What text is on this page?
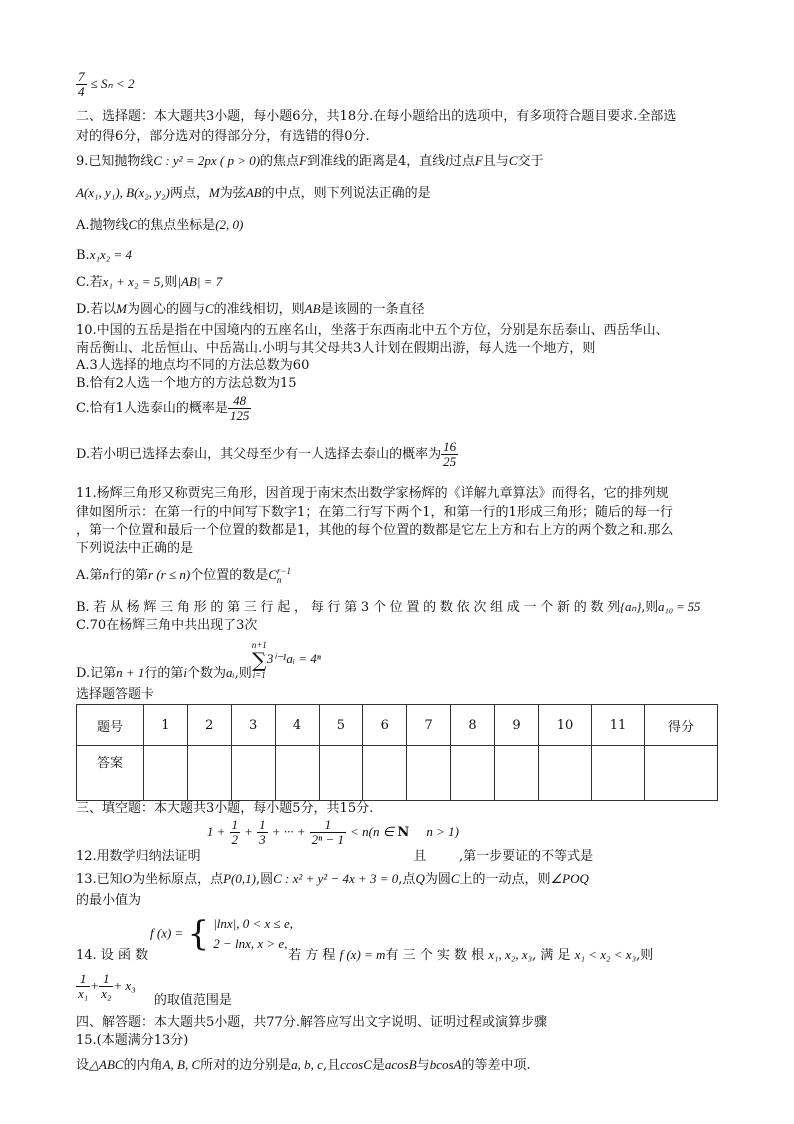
$\frac{7}{4} \le S_n < 2$
二、选择题：本大题共3小题，每小题6分，共18分.在每小题给出的选项中，有多项符合题目要求.全部选
对的得6分，部分选对的得部分分，有选错的得0分.
9.已知抛物线C : y² = 2px ( p > 0)的焦点F到准线的距离是4，直线l过点F且与C交于
A(x₁, y₁), B(x₂, y₂)两点，M为弦AB的中点，则下列说法正确的是
A.抛物线C的焦点坐标是(2, 0)
B.x₁x₂ = 4
C.若x₁ + x₂ = 5,则|AB| = 7
D.若以M为圆心的圆与C的准线相切，则AB是该圆的一条直径
10.中国的五岳是指在中国境内的五座名山，坐落于东西南北中五个方位，分别是东岳泰山、西岳华山、
南岳衡山、北岳恒山、中岳嵩山.小明与其父母共3人计划在假期出游，每人选一个地方，则
A.3人选择的地点均不同的方法总数为60
B.恰有2人选一个地方的方法总数为15
C.恰有1人选泰山的概率是 $\frac{48}{125}$
D.若小明已选择去泰山，其父母至少有一人选择去泰山的概率为 $\frac{16}{25}$
11.杨辉三角形又称贾宪三角形，因首现于南宋杰出数学家杨辉的《详解九章算法》而得名，它的排列规
律如图所示：在第一行的中间写下数字1；在第二行写下两个1，和第一行的1形成三角形；随后的每一行
，第一个位置和最后一个位置的数都是1，其他的每个位置的数都是它左上方和右上方的两个数之和.那么
下列说法中正确的是
A.第n行的第r (r ≤ n)个位置的数是C r−1
n
B. 若 从 杨 辉 三 角 形 的 第 三 行 起 ， 每 行 第 3 个 位 置 的 数 依 次 组 成 一 个 新 的 数 列{aₙ},则a₁₀ = 55
C.70在杨辉三角中共出现了3次
D.记第n + 1行的第i个数为aᵢ,则
n+1
∑
i=1
3ⁱ⁻¹aᵢ = 4ⁿ
选择题答题卡
题号	1	2	3	4	5	6	7	8	9	10	11	得分
答案												
三、填空题：本大题共3小题，每小题5分，共15分.
12.用数学归纳法证明 $1 + \frac{1}{2} + \frac{1}{3}$ + ··· + $\frac{1}{\text{2ⁿ − 1}} < n(n$ ∈ N 且n > 1),第一步要证的不等式是
13.已知O为坐标原点，点P(0,1),圆C : x² + y² − 4x + 3 = 0,点Q为圆C上的一动点，则∠POQ
的最小值为
f (x) = { |lnx|, 0 < x ≤ e,
2 − lnx, x > e,
14. 设 函 数	若 方 程 f (x) = m有 三 个 实 数 根 x₁, x₂, x₃, 满 足 x₁ < x₂ < x₃,则
$\frac{1}{\text{x₁}} + \frac{1}{\text{x₂}} + x_3$ 的取值范围是
四、解答题：本大题共5小题，共77分.解答应写出文字说明、证明过程或演算步骤
15.(本题满分13分)
设△ABC的内角A, B, C所对的边分别是a, b, c,且ccosC是acosB与bcosA的等差中项.
